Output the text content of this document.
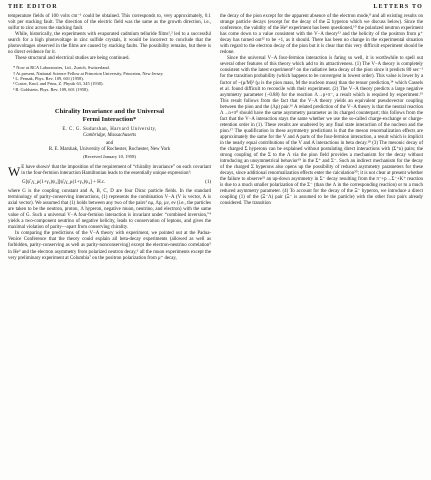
THE EDITOR	LETTERS TO

temperature fields of 100 volts cm⁻¹ could be obtained. This corresponds to, very approximately, 0.1 volt per stacking fault. The direction of the electric field was the same as the growth direction, i.e., sulfur to zinc across the stacking fault.

While, historically, the experiments with evaporated cadmium telluride films¹,² led to a successful search for a high photovoltage in zinc sulfide crystals, it would be incorrect to conclude that the photovoltages observed in the films are caused by stacking faults. The possibility remains, but there is no direct evidence for it.

These structural and electrical studies are being continued.

* Now at RCA Laboratories, Ltd., Zurich, Switzerland.
† At present, National Science Fellow at Princeton University, Princeton, New Jersey.
¹ L. Pensak, Phys. Rev. 109, 601 (1958).
² Coster, Knol, and Prins, Z. Physik 63, 345 (1930).
³ B. Goldstein, Phys. Rev. 109, 601 (1958).
Chirality Invariance and the Universal
Fermi Interaction*
E. C. G. Sudarshan, Harvard University,
Cambridge, Massachusetts
and
R. E. Marshak, University of Rochester, Rochester, New York
(Received January 10, 1958)

W E have shown¹ that the imposition of the requirement of “chirality invariance” on each covariant in the four-fermion interaction Hamiltonian leads to the essentially unique expression²:

G[ψ̄₁γ_μ(1+γ₅)ψ₂][ψ̄₃γ_μ(1+γ₅)ψ₄] + H.c.	(1)

where G is the coupling constant and A, B, C, D are four Dirac particle fields. In the standard terminology of parity-conserving interactions, (1) represents the combination V−A (V is vector, A is axial vector). We assumed that (1) holds between any two of the pairs³ nμ, Λp, μν, eν (i.e., the particles are taken to be the neutron, proton, Λ hyperon, negative muon, neutrino, and electron) with the same value of G. Such a universal V−A four-fermion interaction is invariant under “combined inversion,”⁴ yields a two-component neutrino of negative helicity, leads to conservation of leptons, and gives the maximal violation of parity—apart from conserving chirality.

In comparing the predictions of the V−A theory with experiment, we pointed out at the Padua-Venice Conference that the theory could explain all beta-decay experiments (allowed as well as forbidden, parity-conserving as well as parity-nonconserving) except the electron-neutrino correlation⁵ in He⁶ and the electron asymmetry from polarized neutron decay,⁶ all the muon experiments except the very preliminary experiment at Columbia⁷ on the positron polarization from μ⁺ decay,

the decay of the pion except for the apparent absence of the electron mode,⁸ and all existing results on strange particle decays (except for the decay of the Ξ hyperon which we discuss below). Since the conference, the validity of the He⁶ experiment has been questioned,¹⁰ the polarized neutron experiment has come down to a value consistent with the V−A theory¹¹ and the helicity of the positron from μ⁺ decay has turned out¹² to be +1, as it should. There has been no change in the experimental situation with regard to the electron decay of the pion but it is clear that this very difficult experiment should be redone.

Since the universal V−A four-fermion interaction is faring so well, it is worthwhile to spell out several other features of this theory which add to its attractiveness. (1) The V−A theory is completely consistent with the latest experiment¹³ on the radiative beta decay of the pion since it predicts 80 sec⁻¹ for the transition probability (which happens to be convergent in lowest order). This value is lower by a factor of ~(μ/M)² (μ is the pion mass, M the nucleon mass) than the tensor prediction,¹⁴ which Cassels et al. found difficult to reconcile with their experiment. (2) The V−A theory predicts a large negative asymmetry parameter (−0.88) for the reaction Λ→p+π⁻, a result which is required by experiment.¹⁵ This result follows from the fact that the V−A theory yields an equivalent pseudovector coupling between the pion and the (Λp) pair.¹⁶ A related prediction of the V−A theory is that the neutral reaction Λ→n+π⁰ should have the same asymmetry parameter as its charged counterpart; this follows from the fact that the V−A interaction stays the same whether we use the so-called charge-exchange or charge-retention order in (1). These results are unaltered by any final state interaction of the nucleon and the pion.¹⁷ The qualification in these asymmetry predictions is that the meson renormalization effects are approximately the same for the V and A parts of the four-fermion interaction, a result which is implicit in the nearly equal contributions of the V and A interactions in beta decay.¹⁸ (3) The mesonic decay of the charged Σ hyperons can be explained without postulating direct interactions with (Σ⁺n) pairs; the strong coupling of the Σ to the Λ via the pion field provides a mechanism for the decay without introducing an unsymmetrical behavior¹⁹ in the Σ⁺ and Σ⁻. Such an indirect mechanism for the decay of the charged Σ hyperons also opens up the possibility of reduced asymmetry parameters for these decays, since additional renormalization effects enter the calculation²⁰; it is not clear at present whether the failure to observe²¹ an up-down asymmetry in Σ⁻ decay resulting from the π⁻+p→Σ⁻+K⁺ reaction is due to a much smaller polarization of the Σ⁻ (than the Λ in the corresponding reaction) or to a much reduced asymmetry parameter. (4) To account for the decay of the Ξ⁻ hyperon, we introduce a direct coupling (1) of the (Ξ⁻Λ) pair (Ξ⁻ is assumed to be the particle) with the other four pairs already considered. The transition
